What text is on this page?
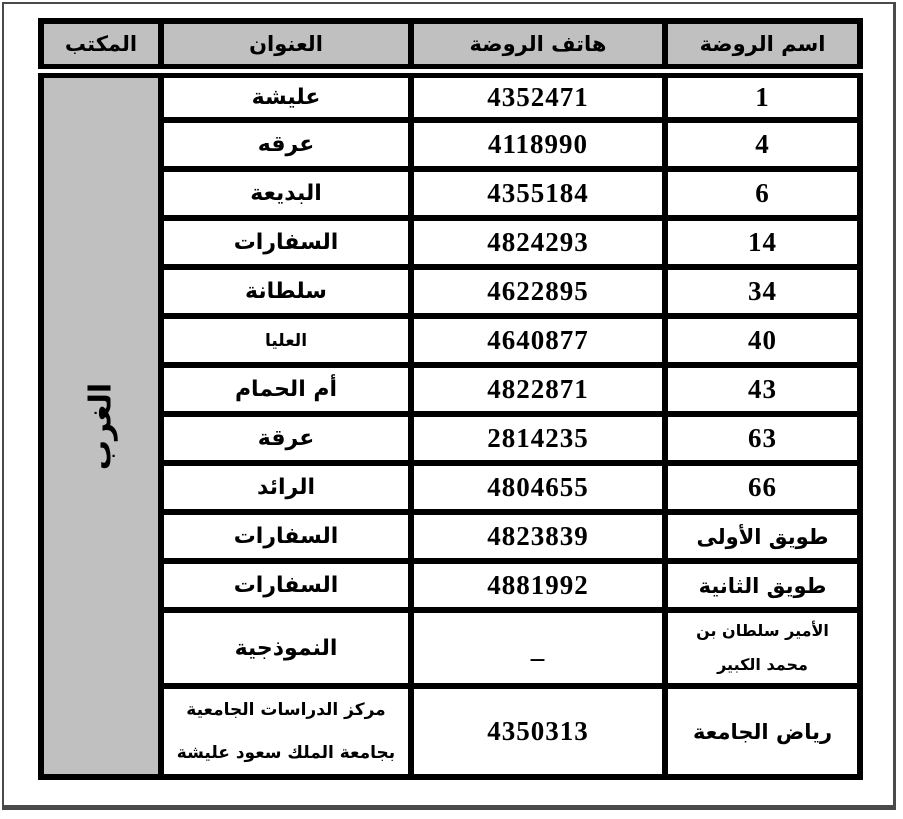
اسم الروضة	هاتف الروضة	العنوان	المكتب
1	4352471	عليشة	الغرب

4	4118990	عرقه	
6	4355184	البديعة	
14	4824293	السفارات	
34	4622895	سلطانة	
40	4640877	العليا	
43	4822871	أم الحمام	
63	2814235	عرقة	
66	4804655	الرائد	
طويق الأولى	4823839	السفارات	
طويق الثانية	4881992	السفارات	
الأمير سلطان بن محمد الكبير	_	النموذجية	
رياض الجامعة	4350313	مركز الدراسات الجامعية بجامعة الملك سعود عليشة	
